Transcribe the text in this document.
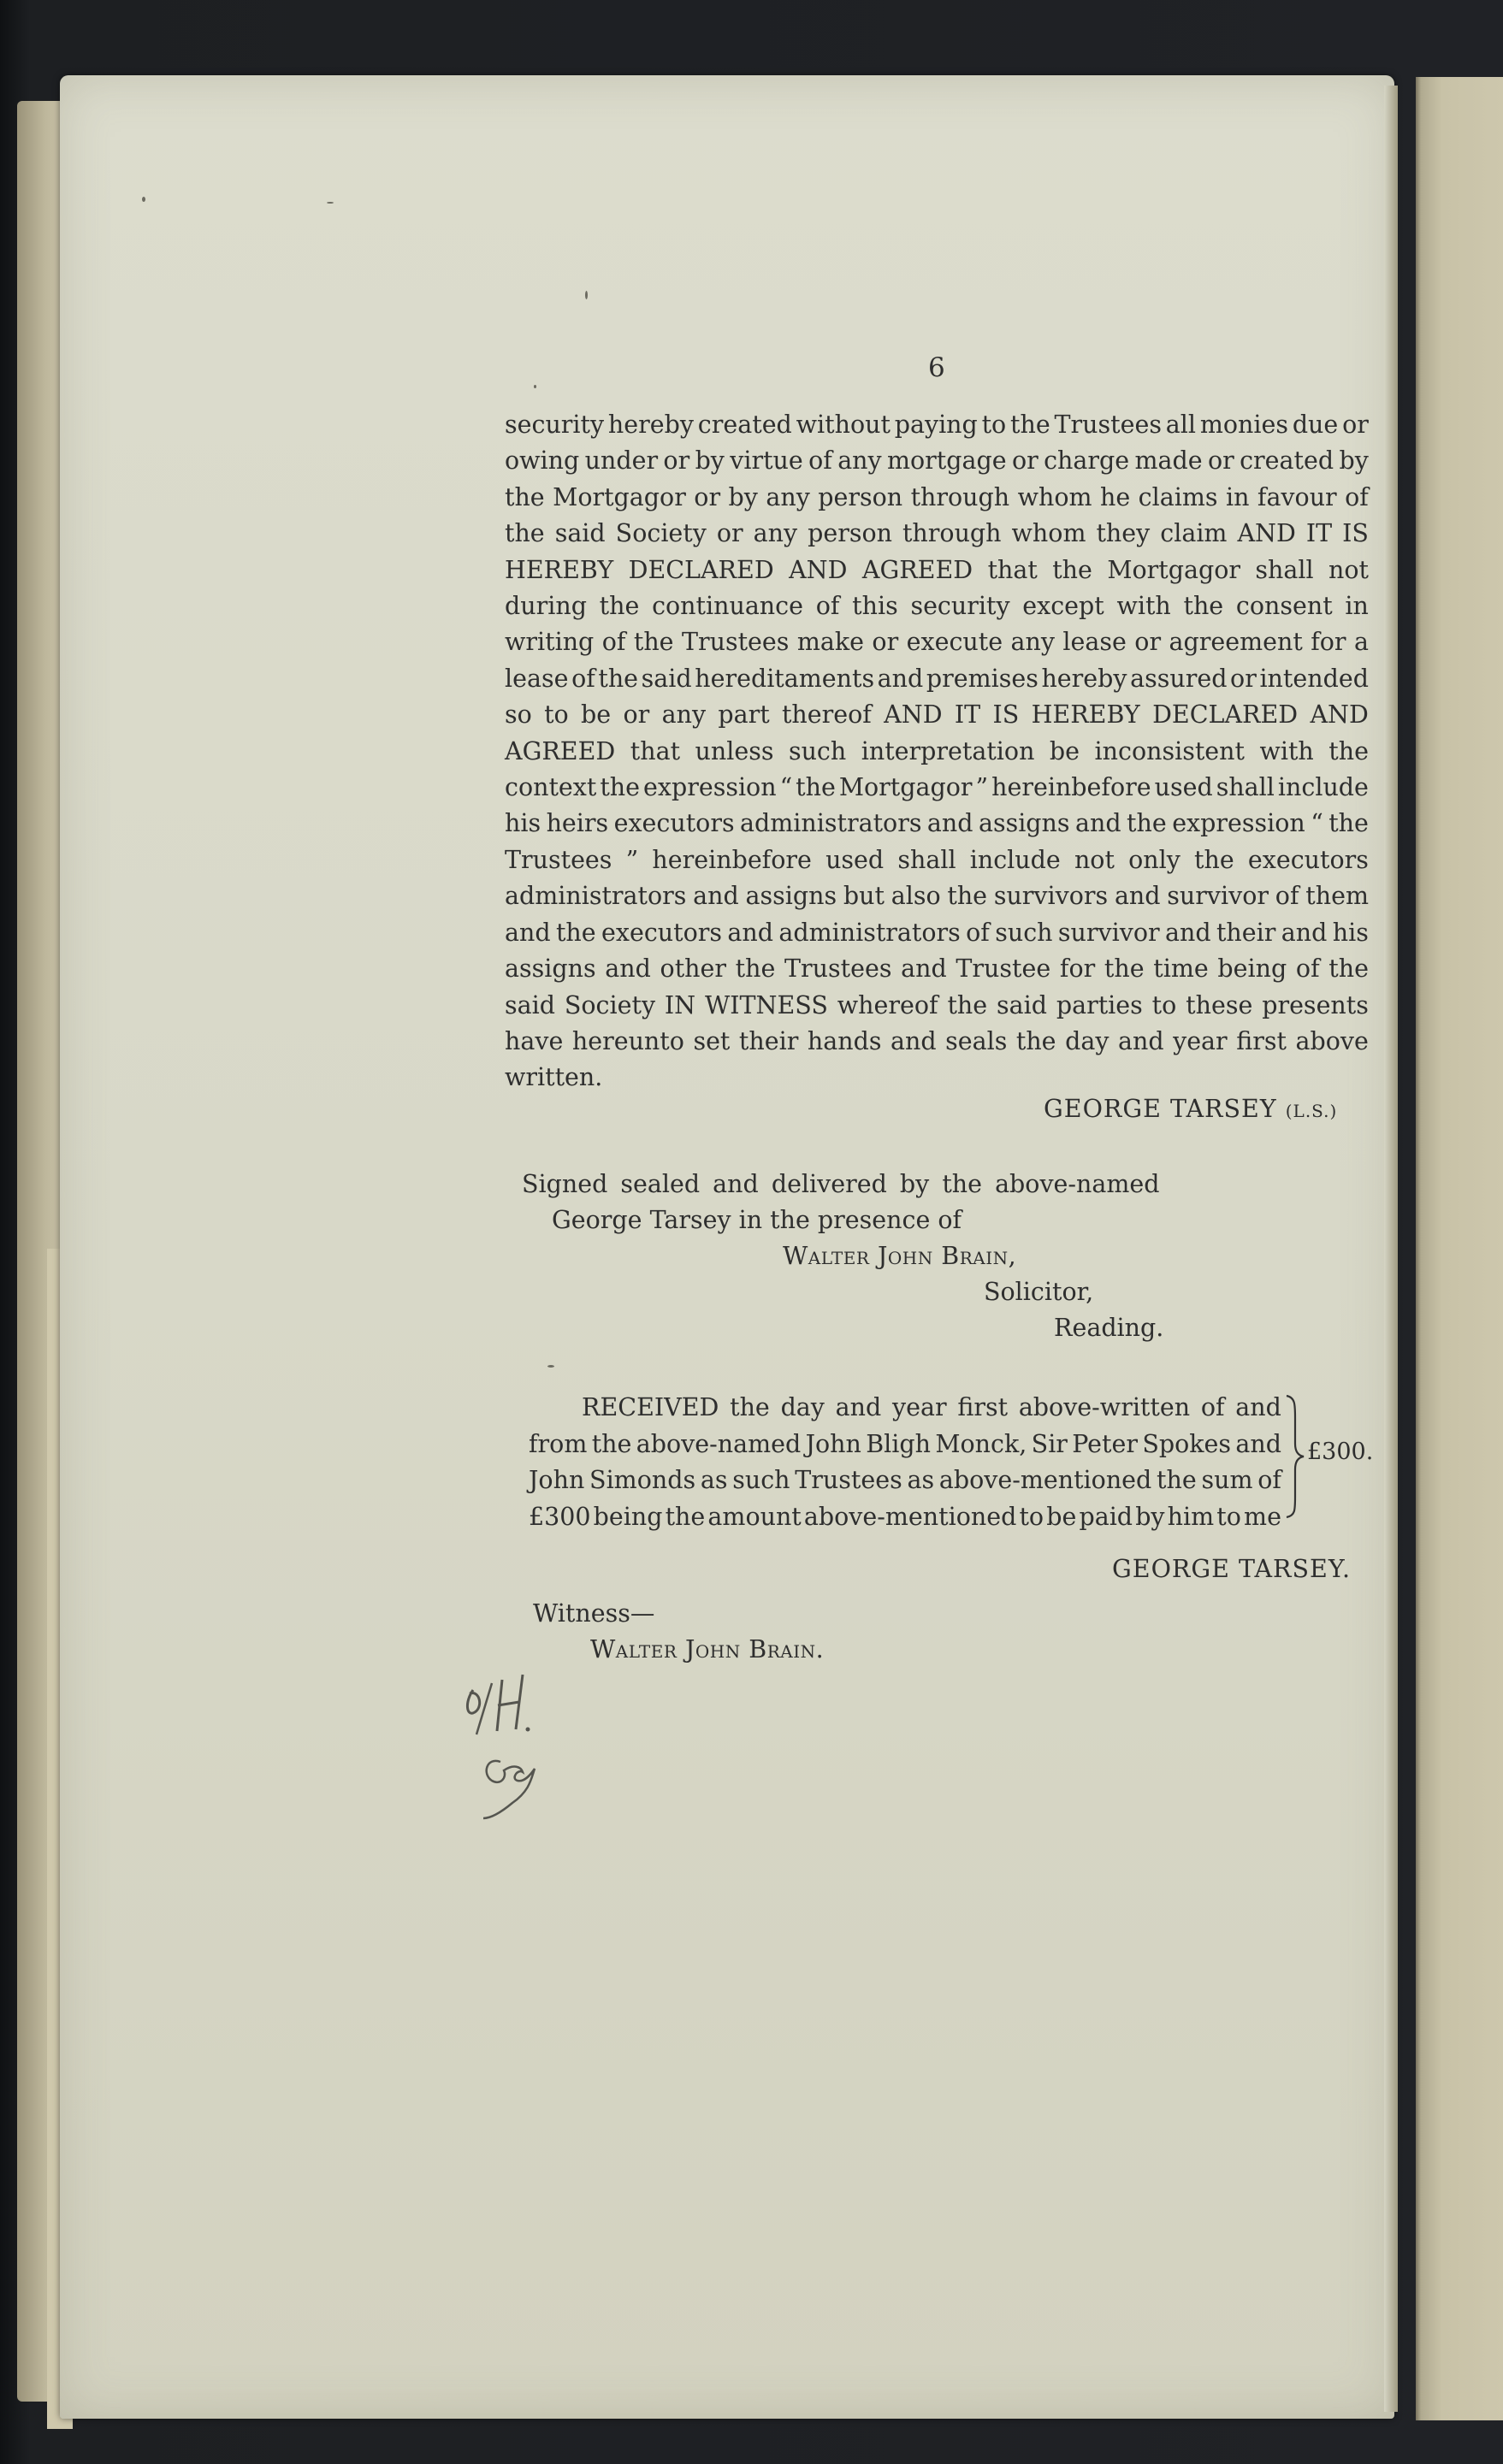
6
security hereby created without paying to the Trustees all monies due or
owing under or by virtue of any mortgage or charge made or created by
the Mortgagor or by any person through whom he claims in favour of
the said Society or any person through whom they claim AND IT IS
HEREBY DECLARED AND AGREED that the Mortgagor shall not
during the continuance of this security except with the consent in
writing of the Trustees make or execute any lease or agreement for a
lease of the said hereditaments and premises hereby assured or intended
so to be or any part thereof AND IT IS HEREBY DECLARED AND
AGREED that unless such interpretation be inconsistent with the
context the expression “ the Mortgagor ” hereinbefore used shall include
his heirs executors administrators and assigns and the expression “ the
Trustees ” hereinbefore used shall include not only the executors
administrators and assigns but also the survivors and survivor of them
and the executors and administrators of such survivor and their and his
assigns and other the Trustees and Trustee for the time being of the
said Society IN WITNESS whereof the said parties to these presents
have hereunto set their hands and seals the day and year first above
written.
GEORGE TARSEY (L.S.)
Signed sealed and delivered by the above-named
George Tarsey in the presence of
Walter John Brain,
Solicitor,
Reading.
RECEIVED the day and year first above-written of and
from the above-named John Bligh Monck, Sir Peter Spokes and
John Simonds as such Trustees as above-mentioned the sum of
£300 being the amount above-mentioned to be paid by him to me
£300.
GEORGE TARSEY.
Witness—
Walter John Brain.
